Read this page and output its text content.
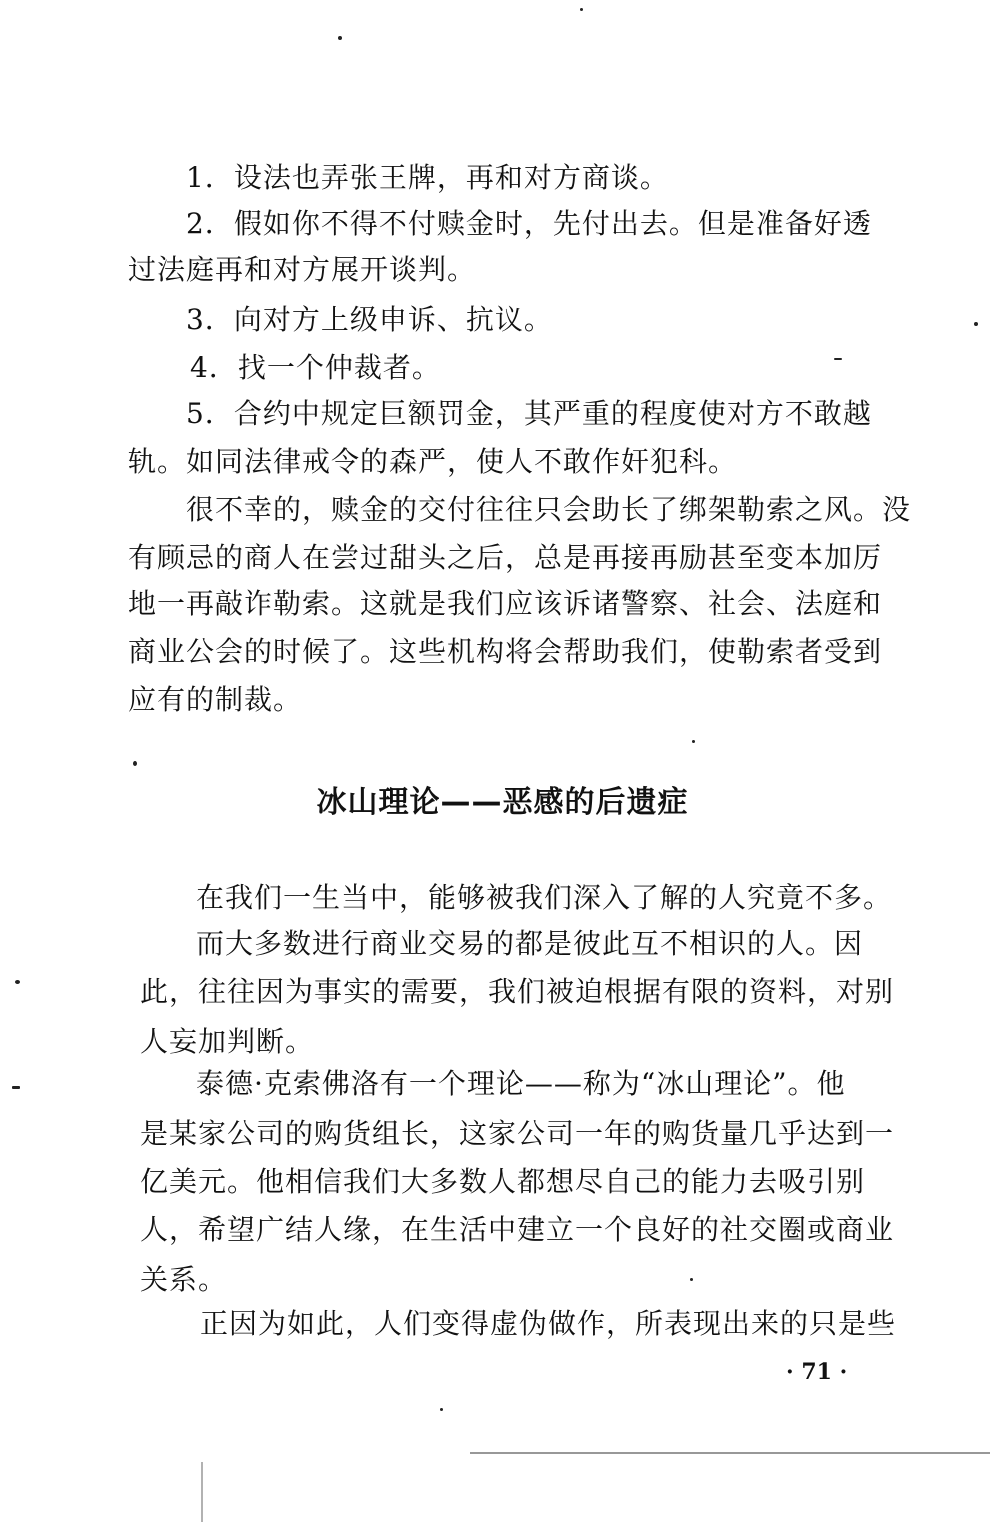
1．设法也弄张王牌，再和对方商谈。
2．假如你不得不付赎金时，先付出去。但是准备好透
过法庭再和对方展开谈判。
3．向对方上级申诉、抗议。
4．找一个仲裁者。
5．合约中规定巨额罚金，其严重的程度使对方不敢越
轨。如同法律戒令的森严，使人不敢作奸犯科。
很不幸的，赎金的交付往往只会助长了绑架勒索之风。没
有顾忌的商人在尝过甜头之后，总是再接再励甚至变本加厉
地一再敲诈勒索。这就是我们应该诉诸警察、社会、法庭和
商业公会的时候了。这些机构将会帮助我们，使勒索者受到
应有的制裁。
冰山理论——恶感的后遗症
在我们一生当中，能够被我们深入了解的人究竟不多。
而大多数进行商业交易的都是彼此互不相识的人。因
此，往往因为事实的需要，我们被迫根据有限的资料，对别
人妄加判断。
泰德·克索佛洛有一个理论——称为“冰山理论”。他
是某家公司的购货组长，这家公司一年的购货量几乎达到一
亿美元。他相信我们大多数人都想尽自己的能力去吸引别
人，希望广结人缘，在生活中建立一个良好的社交圈或商业
关系。
正因为如此，人们变得虚伪做作，所表现出来的只是些
· 71 ·
